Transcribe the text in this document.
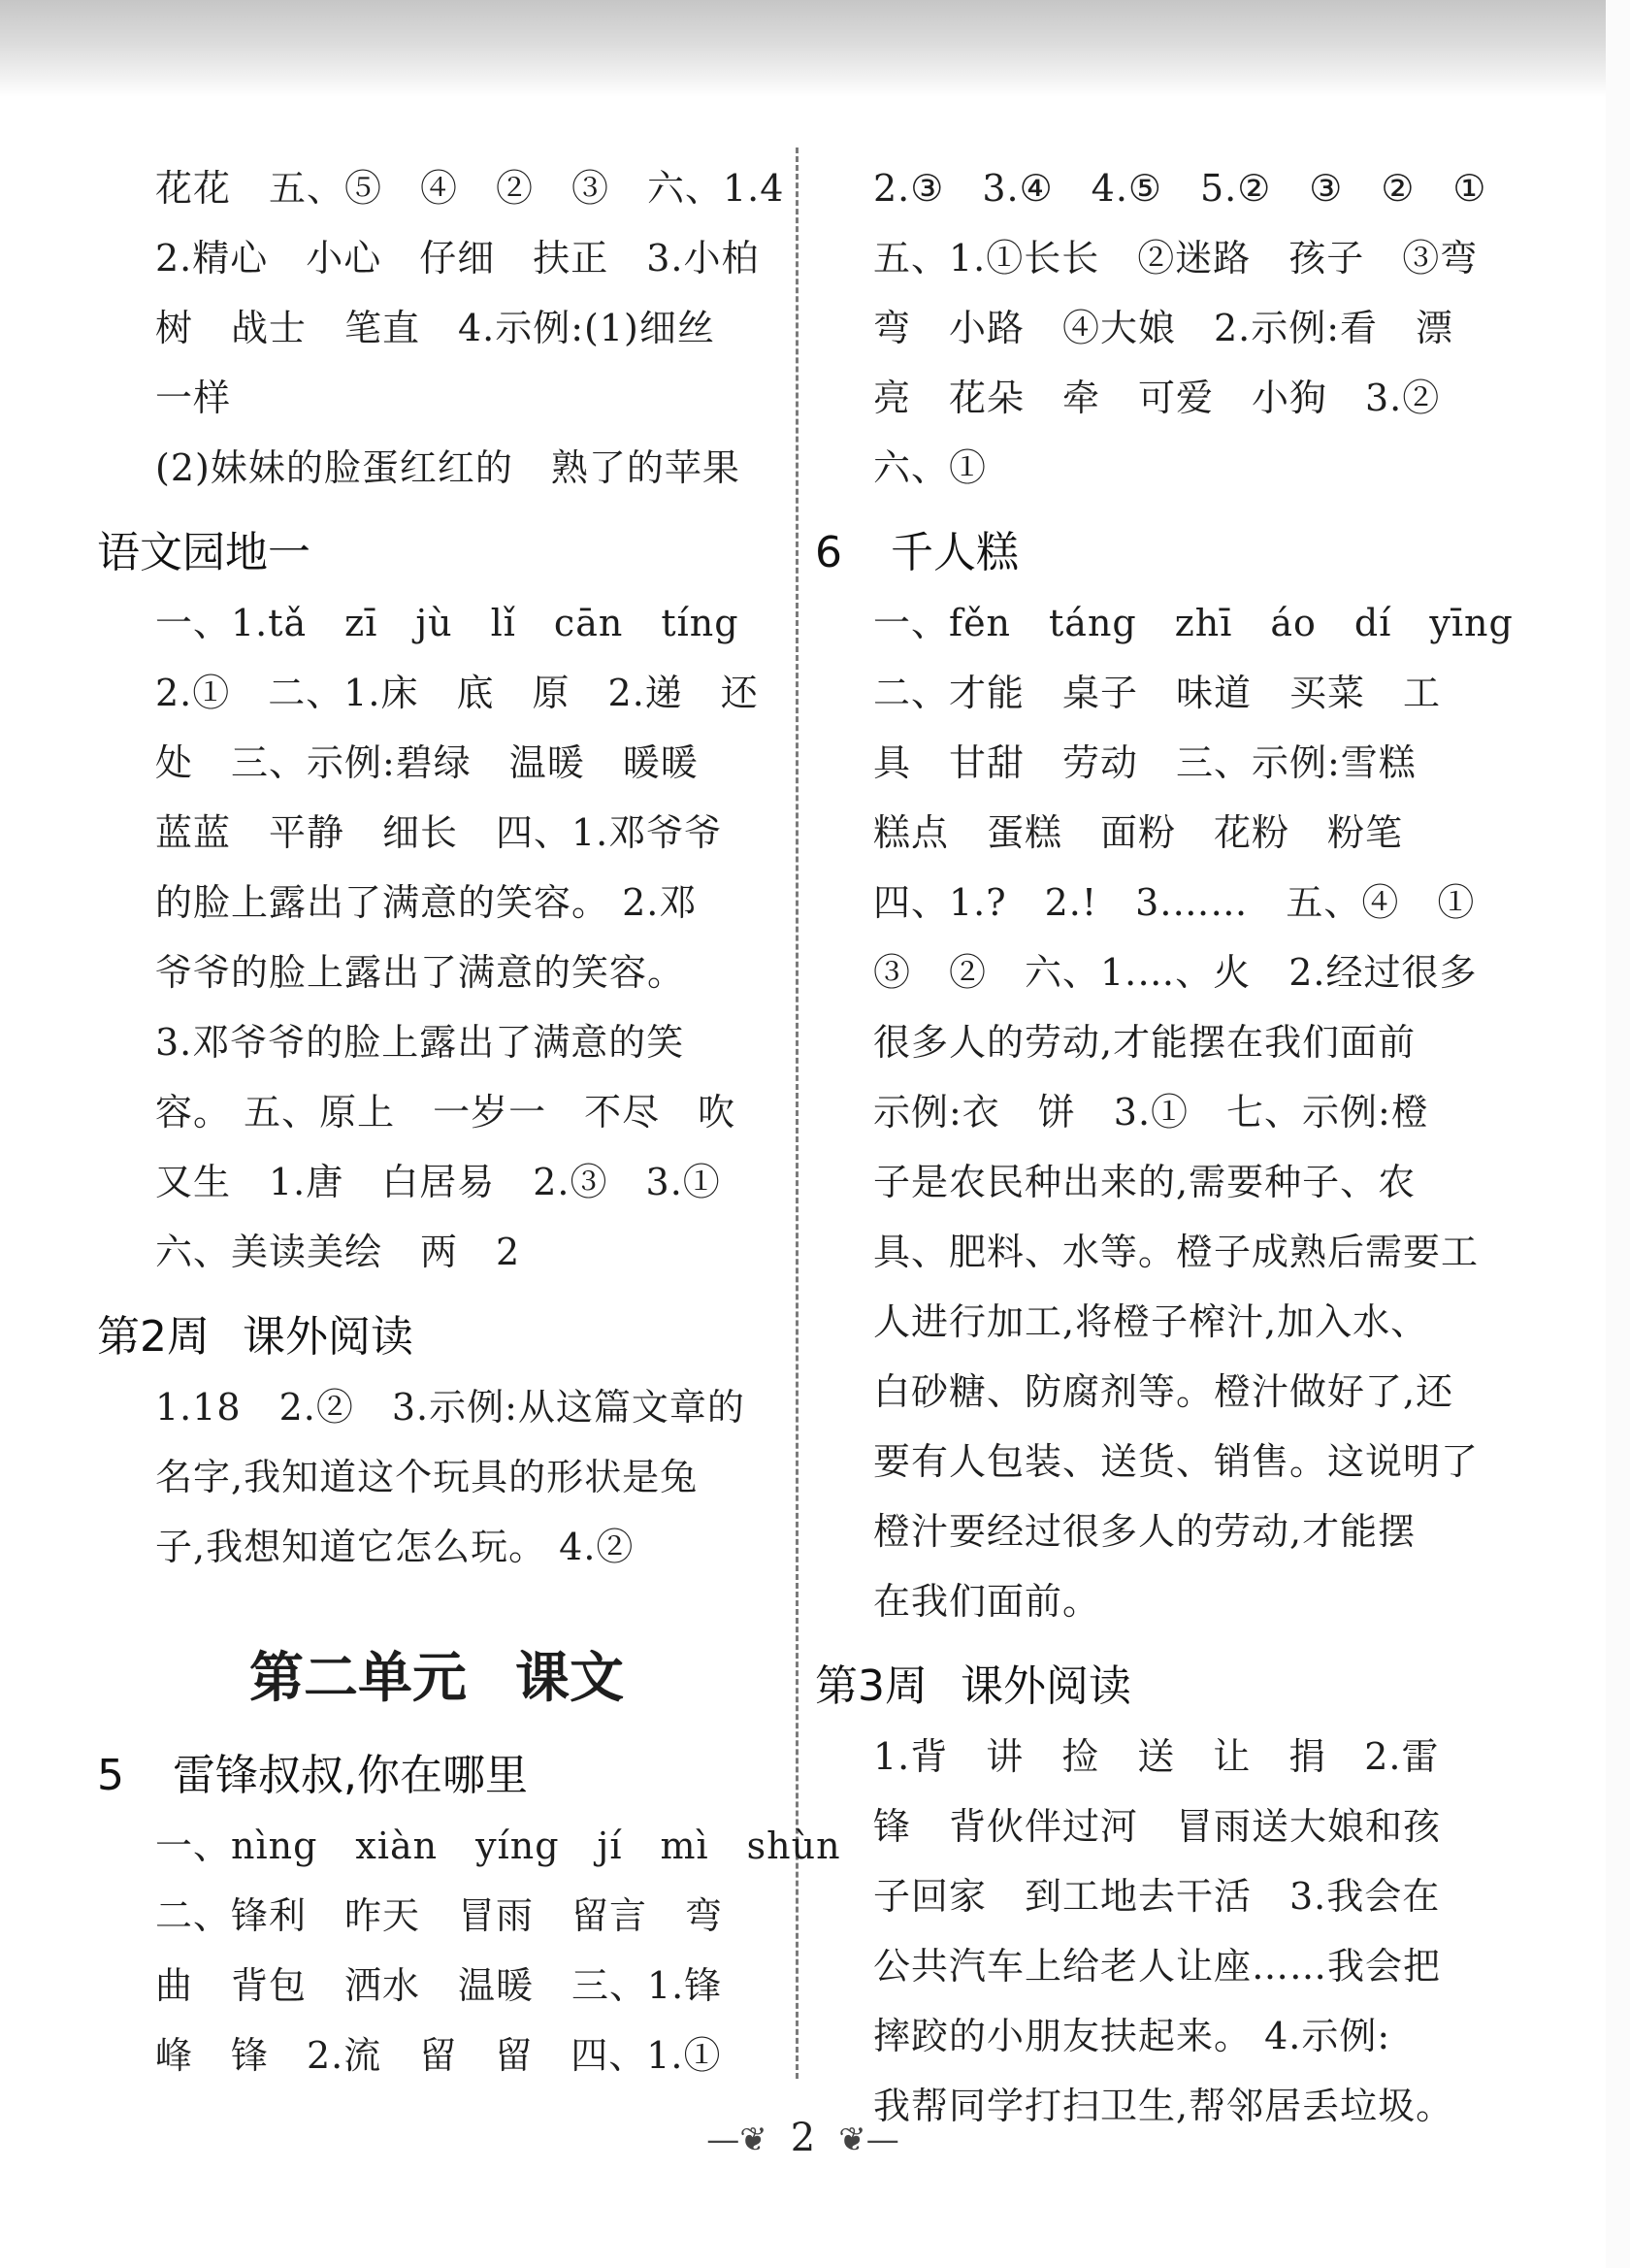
花花　五、⑤　④　②　③　六、1.4
2.精心　小心　仔细　扶正　3.小柏
树　战士　笔直　4.示例:(1)细丝
一样
(2)妹妹的脸蛋红红的　熟了的苹果
语文园地一
一、1.tǎ　zī　jù　lǐ　cān　tíng
2.①　二、1.床　底　原　2.递　还
处　三、示例:碧绿　温暖　暖暖
蓝蓝　平静　细长　四、1.邓爷爷
的脸上露出了满意的笑容。 2.邓
爷爷的脸上露出了满意的笑容。
3.邓爷爷的脸上露出了满意的笑
容。 五、原上　一岁一　不尽　吹
又生　1.唐　白居易　2.③　3.①
六、美读美绘　两　2
第2周 课外阅读
1.18　2.②　3.示例:从这篇文章的
名字,我知道这个玩具的形状是兔
子,我想知道它怎么玩。 4.②
第二单元 课文
5 雷锋叔叔,你在哪里
一、nìng　xiàn　yíng　jí　mì　shùn
二、锋利　昨天　冒雨　留言　弯
曲　背包　洒水　温暖　三、1.锋
峰　锋　2.流　留　留　四、1.①
2.③　3.④　4.⑤　5.②　③　②　①
五、1.①长长　②迷路　孩子　③弯
弯　小路　④大娘　2.示例:看　漂
亮　花朵　牵　可爱　小狗　3.②
六、①
6 千人糕
一、fěn　táng　zhī　áo　dí　yīng
二、才能　桌子　味道　买菜　工
具　甘甜　劳动　三、示例:雪糕
糕点　蛋糕　面粉　花粉　粉笔
四、1.?　2.!　3.……　五、④　①
③　②　六、1.…、火　2.经过很多
很多人的劳动,才能摆在我们面前
示例:衣　饼　3.①　七、示例:橙
子是农民种出来的,需要种子、农
具、肥料、水等。橙子成熟后需要工
人进行加工,将橙子榨汁,加入水、
白砂糖、防腐剂等。橙汁做好了,还
要有人包装、送货、销售。这说明了
橙汁要经过很多人的劳动,才能摆
在我们面前。
第3周 课外阅读
1.背　讲　捡　送　让　捐　2.雷
锋　背伙伴过河　冒雨送大娘和孩
子回家　到工地去干活　3.我会在
公共汽车上给老人让座……我会把
摔跤的小朋友扶起来。 4.示例:
我帮同学打扫卫生,帮邻居丢垃圾。
—❦ 2 ❦—
